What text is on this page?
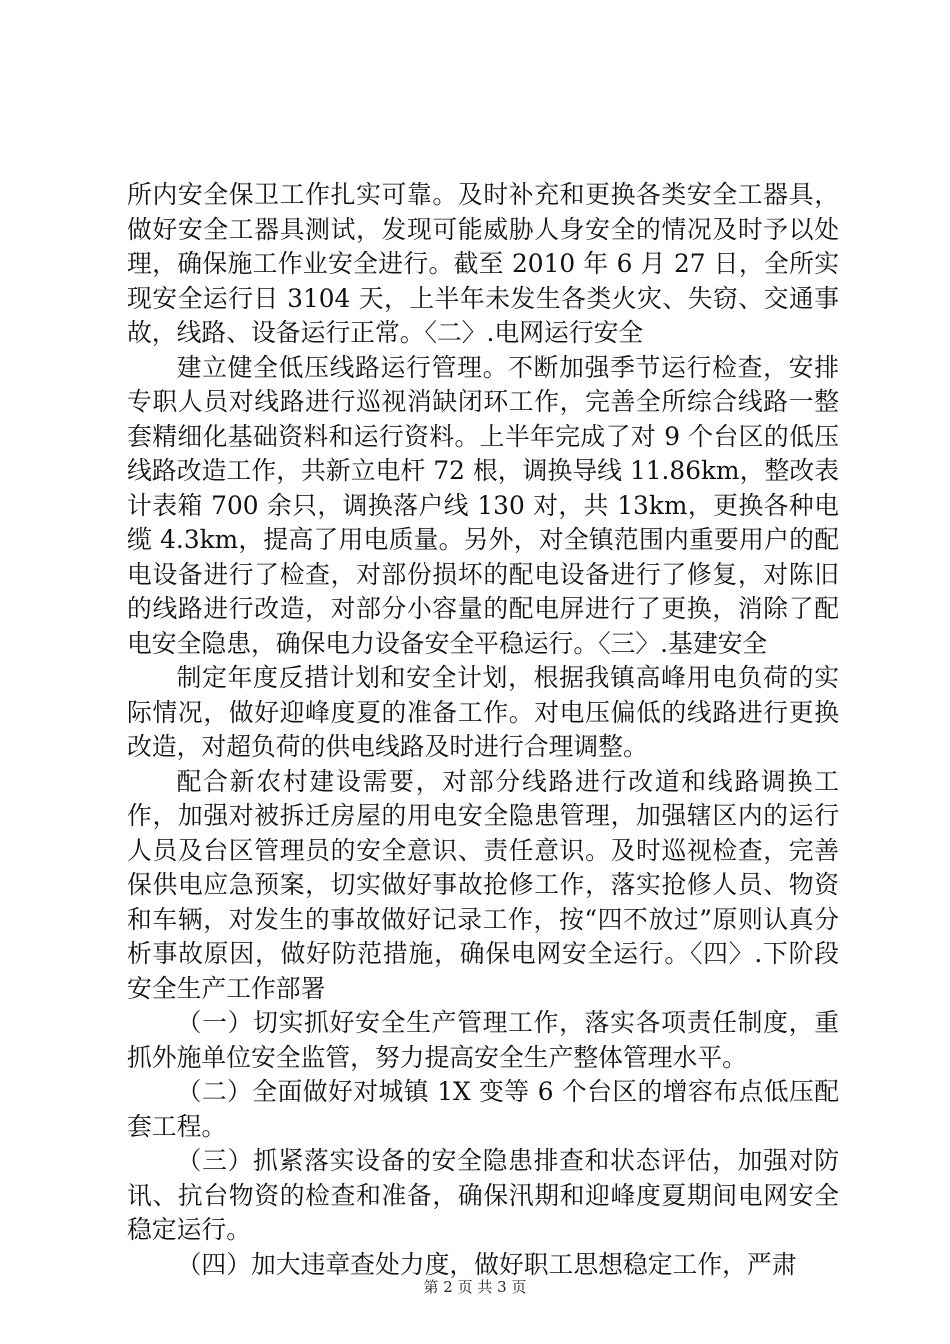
所内安全保卫工作扎实可靠。及时补充和更换各类安全工器具，做好安全工器具测试，发现可能威胁人身安全的情况及时予以处理，确保施工作业安全进行。截至 2010 年 6 月 27 日，全所实现安全运行日 3104 天，上半年未发生各类火灾、失窃、交通事故，线路、设备运行正常。〈二〉.电网运行安全

建立健全低压线路运行管理。不断加强季节运行检查，安排专职人员对线路进行巡视消缺闭环工作，完善全所综合线路一整套精细化基础资料和运行资料。上半年完成了对 9 个台区的低压线路改造工作，共新立电杆 72 根，调换导线 11.86km，整改表计表箱 700 余只，调换落户线 130 对，共 13km，更换各种电缆 4.3km，提高了用电质量。另外，对全镇范围内重要用户的配电设备进行了检查，对部份损坏的配电设备进行了修复，对陈旧的线路进行改造，对部分小容量的配电屏进行了更换，消除了配电安全隐患，确保电力设备安全平稳运行。〈三〉.基建安全

制定年度反措计划和安全计划，根据我镇高峰用电负荷的实际情况，做好迎峰度夏的准备工作。对电压偏低的线路进行更换改造，对超负荷的供电线路及时进行合理调整。

配合新农村建设需要，对部分线路进行改道和线路调换工作，加强对被拆迁房屋的用电安全隐患管理，加强辖区内的运行人员及台区管理员的安全意识、责任意识。及时巡视检查，完善保供电应急预案，切实做好事故抢修工作，落实抢修人员、物资和车辆，对发生的事故做好记录工作，按“四不放过”原则认真分析事故原因，做好防范措施，确保电网安全运行。〈四〉.下阶段安全生产工作部署

（一）切实抓好安全生产管理工作，落实各项责任制度，重抓外施单位安全监管，努力提高安全生产整体管理水平。

（二）全面做好对城镇 1X 变等 6 个台区的增容布点低压配套工程。

（三）抓紧落实设备的安全隐患排查和状态评估，加强对防讯、抗台物资的检查和准备，确保汛期和迎峰度夏期间电网安全稳定运行。

（四）加大违章查处力度，做好职工思想稳定工作，严肃

第 2 页 共 3 页
